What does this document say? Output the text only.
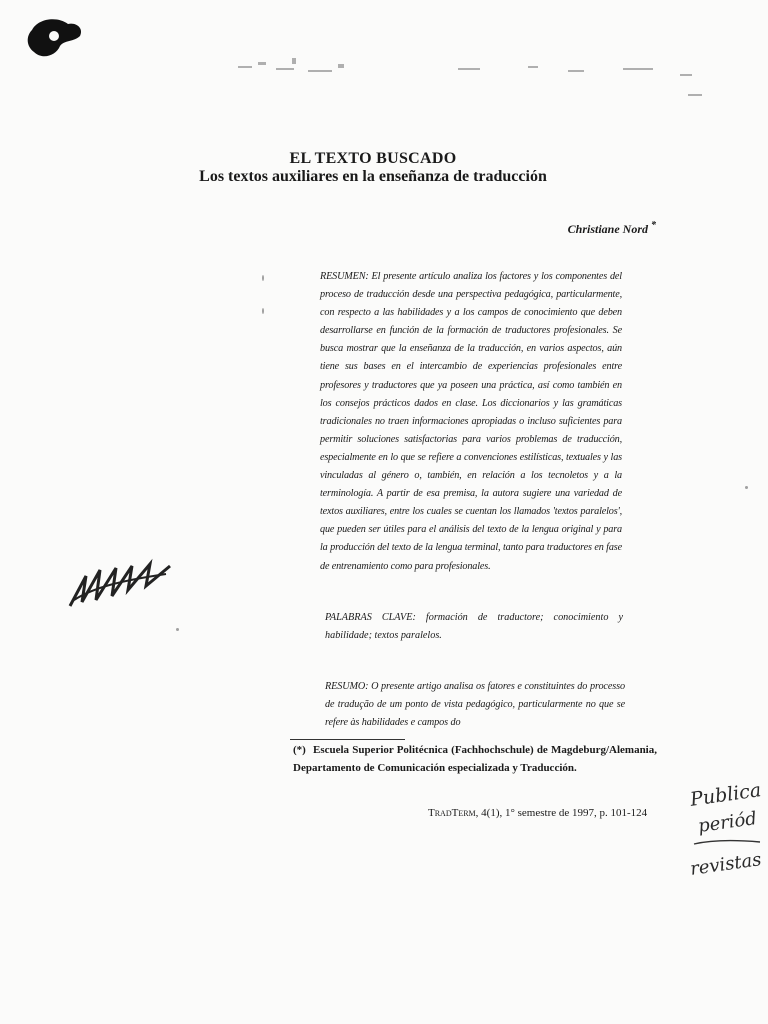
EL TEXTO BUSCADO
Los textos auxiliares en la enseñanza de traducción
Christiane Nord *

RESUMEN: El presente artículo analiza los factores y los componentes del proceso de traducción desde una perspectiva pedagógica, particularmente, con respecto a las habilidades y a los campos de conocimiento que deben desarrollarse en función de la formación de traductores profesionales. Se busca mostrar que la enseñanza de la traducción, en varios aspectos, aún tiene sus bases en el intercambio de experiencias profesionales entre profesores y traductores que ya poseen una práctica, así como también en los consejos prácticos dados en clase. Los diccionarios y las gramáticas tradicionales no traen informaciones apropiadas o incluso suficientes para permitir soluciones satisfactorias para varios problemas de traducción, especialmente en lo que se refiere a convenciones estilísticas, textuales y las vinculadas al género o, también, en relación a los tecnoletos y a la terminología. A partir de esa premisa, la autora sugiere una variedad de textos auxiliares, entre los cuales se cuentan los llamados 'textos paralelos', que pueden ser útiles para el análisis del texto de la lengua original y para la producción del texto de la lengua terminal, tanto para traductores en fase de entrenamiento como para profesionales.

PALABRAS CLAVE: formación de traductore; conocimiento y habilidade; textos paralelos.
RESUMO: O presente artigo analisa os fatores e constituintes do processo de tradução de um ponto de vista pedagógico, particularmente no que se refere às habilidades e campos do
(*) Escuela Superior Politécnica (Fachhochschule) de Magdeburg/Alemania, Departamento de Comunicación especializada y Traducción.
TradTerm, 4(1), 1° semestre de 1997, p. 101-124
Publica
periód
revistas
